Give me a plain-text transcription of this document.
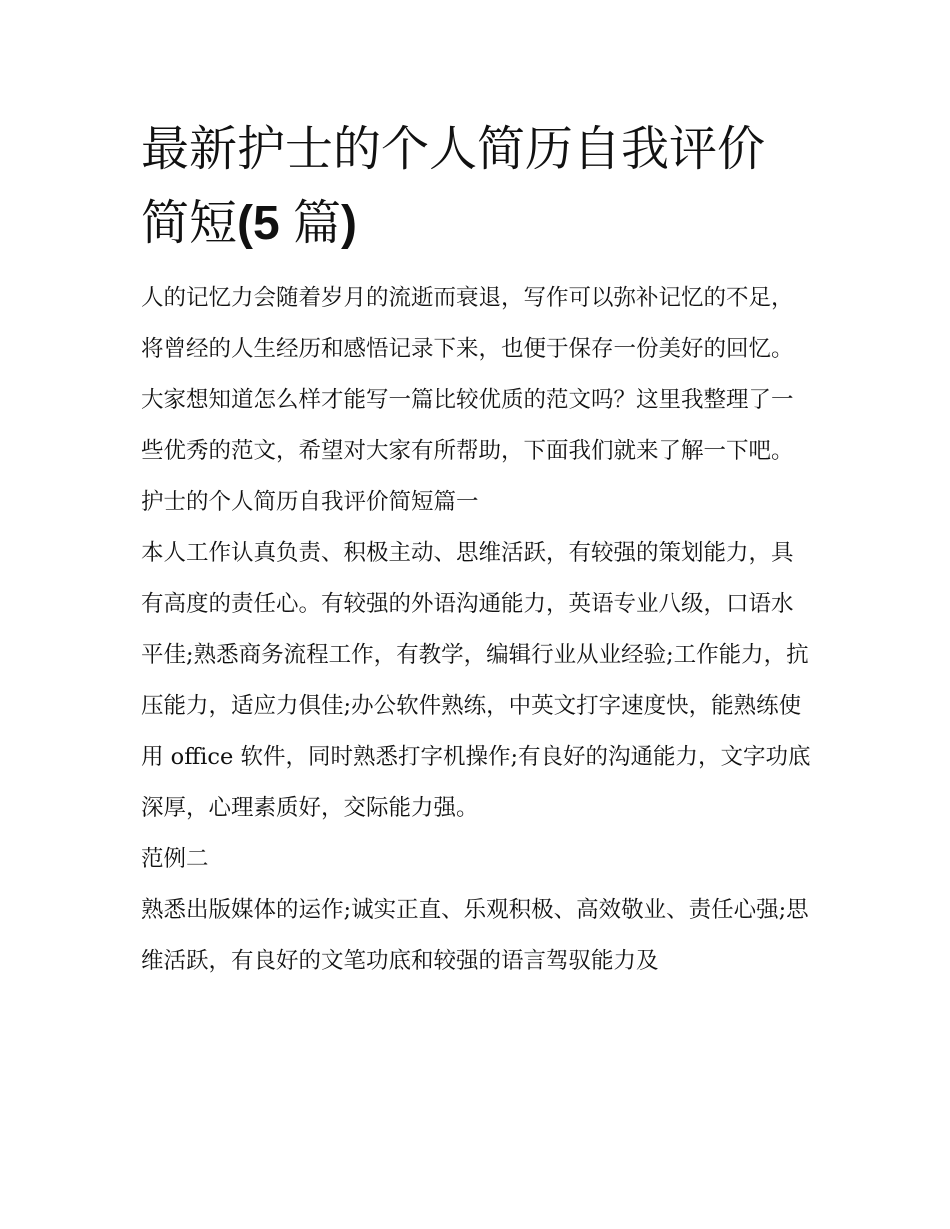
最新护士的个人简历自我评价
简短(5 篇)

人的记忆力会随着岁月的流逝而衰退，写作可以弥补记忆的不足，将曾经的人生经历和感悟记录下来，也便于保存一份美好的回忆。大家想知道怎么样才能写一篇比较优质的范文吗？这里我整理了一些优秀的范文，希望对大家有所帮助，下面我们就来了解一下吧。

护士的个人简历自我评价简短篇一

本人工作认真负责、积极主动、思维活跃，有较强的策划能力，具有高度的责任心。有较强的外语沟通能力，英语专业八级，口语水平佳;熟悉商务流程工作，有教学，编辑行业从业经验;工作能力，抗压能力，适应力俱佳;办公软件熟练，中英文打字速度快，能熟练使用 office 软件，同时熟悉打字机操作;有良好的沟通能力，文字功底深厚，心理素质好，交际能力强。

范例二

熟悉出版媒体的运作;诚实正直、乐观积极、高效敬业、责任心强;思维活跃，有良好的文笔功底和较强的语言驾驭能力及
